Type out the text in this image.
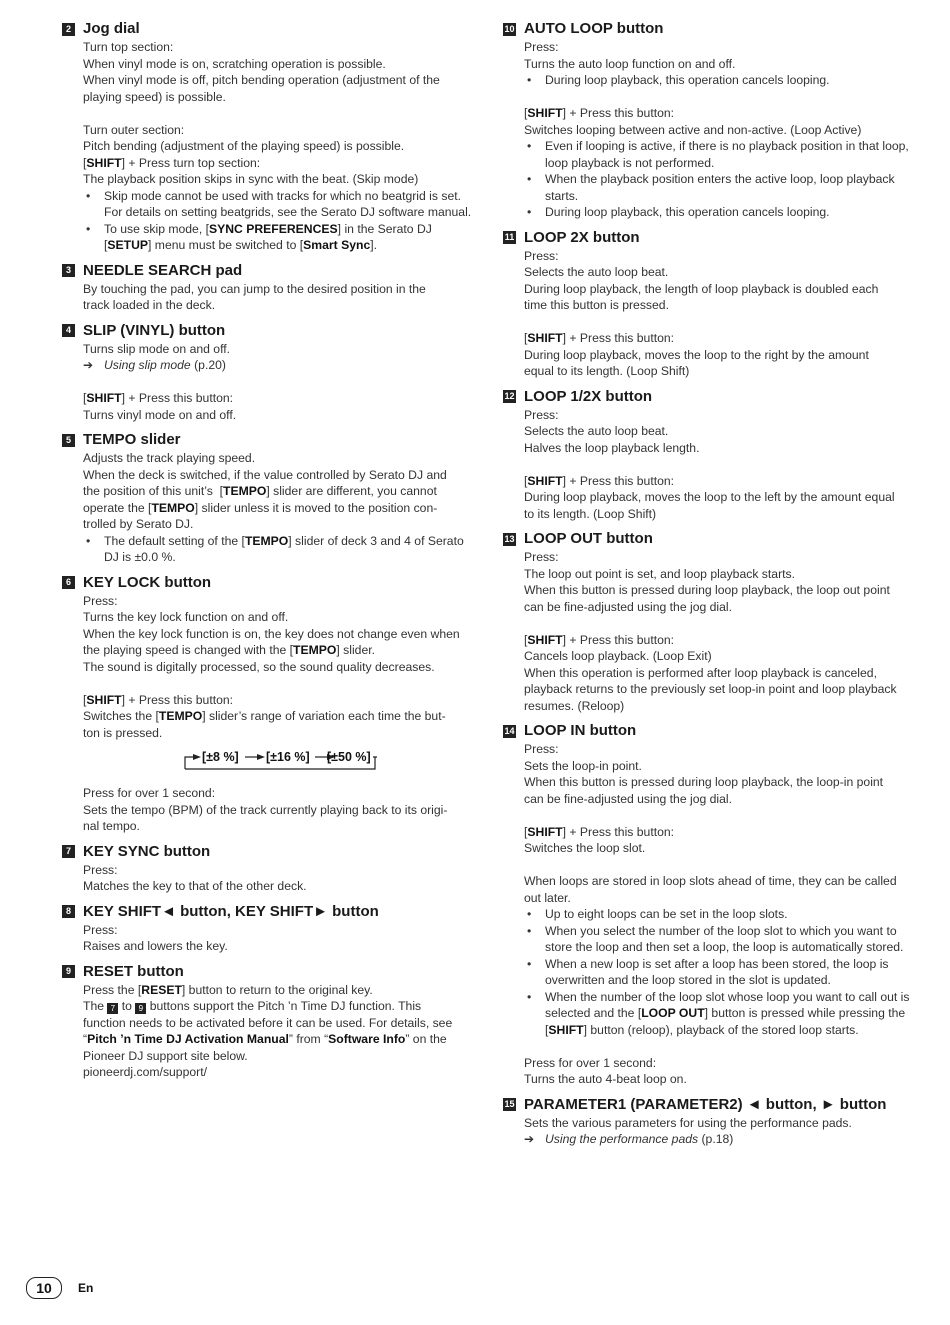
2 Jog dial
Turn top section:
When vinyl mode is on, scratching operation is possible.
When vinyl mode is off, pitch bending operation (adjustment of the
playing speed) is possible.
Turn outer section:
Pitch bending (adjustment of the playing speed) is possible.
[SHIFT] + Press turn top section:
The playback position skips in sync with the beat. (Skip mode)
• Skip mode cannot be used with tracks for which no beatgrid is set. For details on setting beatgrids, see the Serato DJ software manual.
• To use skip mode, [SYNC PREFERENCES] in the Serato DJ [SETUP] menu must be switched to [Smart Sync].
3 NEEDLE SEARCH pad
By touching the pad, you can jump to the desired position in the
track loaded in the deck.
4 SLIP (VINYL) button
Turns slip mode on and off.
➔ Using slip mode (p.20)
[SHIFT] + Press this button:
Turns vinyl mode on and off.
5 TEMPO slider
Adjusts the track playing speed.
When the deck is switched, if the value controlled by Serato DJ and
the position of this unit’s  [TEMPO] slider are different, you cannot
operate the [TEMPO] slider unless it is moved to the position con-
trolled by Serato DJ.
• The default setting of the [TEMPO] slider of deck 3 and 4 of Serato DJ is ±0.0 %.
6 KEY LOCK button
Press:
Turns the key lock function on and off.
When the key lock function is on, the key does not change even when
the playing speed is changed with the [TEMPO] slider.
The sound is digitally processed, so the sound quality decreases.
[SHIFT] + Press this button:
Switches the [TEMPO] slider’s range of variation each time the but-
ton is pressed.
[±8 %] [±16 %] [±50 %]
Press for over 1 second:
Sets the tempo (BPM) of the track currently playing back to its origi-
nal tempo.
7 KEY SYNC button
Press:
Matches the key to that of the other deck.
8 KEY SHIFT◄ button, KEY SHIFT► button
Press:
Raises and lowers the key.
9 RESET button
Press the [RESET] button to return to the original key.
The 7 to 9 buttons support the Pitch ’n Time DJ function. This
function needs to be activated before it can be used. For details, see
“Pitch ’n Time DJ Activation Manual” from “Software Info” on the
Pioneer DJ support site below.
pioneerdj.com/support/
10 AUTO LOOP button
Press:
Turns the auto loop function on and off.
• During loop playback, this operation cancels looping.
[SHIFT] + Press this button:
Switches looping between active and non-active. (Loop Active)
• Even if looping is active, if there is no playback position in that loop, loop playback is not performed.
• When the playback position enters the active loop, loop playback starts.
• During loop playback, this operation cancels looping.
11 LOOP 2X button
Press:
Selects the auto loop beat.
During loop playback, the length of loop playback is doubled each
time this button is pressed.
[SHIFT] + Press this button:
During loop playback, moves the loop to the right by the amount
equal to its length. (Loop Shift)
12 LOOP 1/2X button
Press:
Selects the auto loop beat.
Halves the loop playback length.
[SHIFT] + Press this button:
During loop playback, moves the loop to the left by the amount equal
to its length. (Loop Shift)
13 LOOP OUT button
Press:
The loop out point is set, and loop playback starts.
When this button is pressed during loop playback, the loop out point
can be fine-adjusted using the jog dial.
[SHIFT] + Press this button:
Cancels loop playback. (Loop Exit)
When this operation is performed after loop playback is canceled,
playback returns to the previously set loop-in point and loop playback
resumes. (Reloop)
14 LOOP IN button
Press:
Sets the loop-in point.
When this button is pressed during loop playback, the loop-in point
can be fine-adjusted using the jog dial.
[SHIFT] + Press this button:
Switches the loop slot.
When loops are stored in loop slots ahead of time, they can be called
out later.
• Up to eight loops can be set in the loop slots.
• When you select the number of the loop slot to which you want to store the loop and then set a loop, the loop is automatically stored.
• When a new loop is set after a loop has been stored, the loop is overwritten and the loop stored in the slot is updated.
• When the number of the loop slot whose loop you want to call out is selected and the [LOOP OUT] button is pressed while pressing the [SHIFT] button (reloop), playback of the stored loop starts.
Press for over 1 second:
Turns the auto 4-beat loop on.
15 PARAMETER1 (PARAMETER2) ◄ button, ► button
Sets the various parameters for using the performance pads.
➔ Using the performance pads (p.18)
10	En
